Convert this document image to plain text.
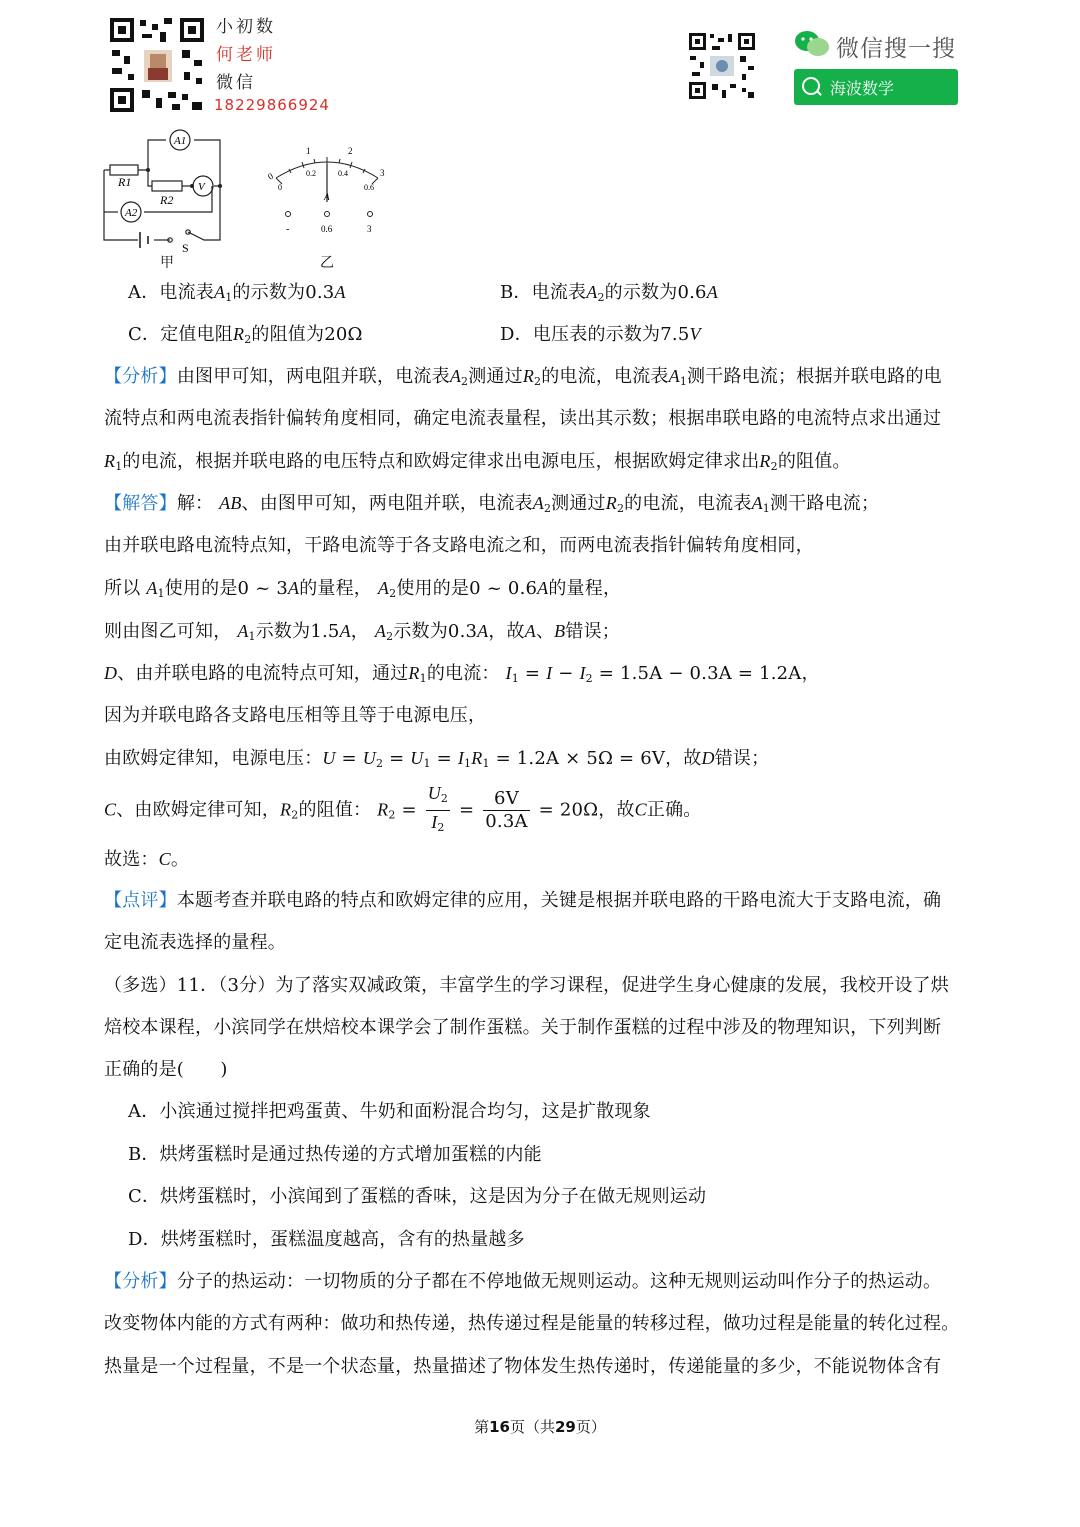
小初数
何老师
微信
18229866924
微信搜一搜
海波数学
A1
V
A2
R1
R2
S
甲
0
1	2
3
0
0.2	0.4
0.6
A
-	0.6	3
乙
A．电流表$A_1$的示数为0.3A	B．电流表$A_2$的示数为0.6A
C．定值电阻$R_2$的阻值为20Ω	D．电压表的示数为7.5V
【分析】由图甲可知，两电阻并联，电流表$A_2$测通过$R_2$的电流，电流表$A_1$测干路电流；根据并联电路的电
流特点和两电流表指针偏转角度相同，确定电流表量程，读出其示数；根据串联电路的电流特点求出通过
$R_1$的电流，根据并联电路的电压特点和欧姆定律求出电源电压，根据欧姆定律求出$R_2$的阻值。
【解答】解： AB、由图甲可知，两电阻并联，电流表$A_2$测通过$R_2$的电流，电流表$A_1$测干路电流；
由并联电路电流特点知，干路电流等于各支路电流之和，而两电流表指针偏转角度相同，
所以 $A_1$使用的是0 ~ 3A的量程， $A_2$使用的是0 ~ 0.6A的量程，
则由图乙可知， $A_1$示数为1.5A， $A_2$示数为0.3A，故A、B错误；
D、由并联电路的电流特点可知，通过$R_1$的电流： $I_1 = I - I_2 = 1.5A - 0.3A = 1.2A$，
因为并联电路各支路电压相等且等于电源电压，
由欧姆定律知，电源电压：$U = U_2 = U_1 = I_1R_1 = 1.2A \times 5\Omega = 6V$，故D错误；
C、由欧姆定律可知，$R_2$的阻值： $R_2 = \frac{U_2}{I_2} = \frac{6V}{0.3A} = 20\Omega$，故C正确。
故选：C。
【点评】本题考查并联电路的特点和欧姆定律的应用，关键是根据并联电路的干路电流大于支路电流，确
定电流表选择的量程。
（多选）11．（3分）为了落实双减政策，丰富学生的学习课程，促进学生身心健康的发展，我校开设了烘
焙校本课程，小滨同学在烘焙校本课学会了制作蛋糕。关于制作蛋糕的过程中涉及的物理知识，下列判断
正确的是(　　)
A．小滨通过搅拌把鸡蛋黄、牛奶和面粉混合均匀，这是扩散现象
B．烘烤蛋糕时是通过热传递的方式增加蛋糕的内能
C．烘烤蛋糕时，小滨闻到了蛋糕的香味，这是因为分子在做无规则运动
D．烘烤蛋糕时，蛋糕温度越高，含有的热量越多
【分析】分子的热运动：一切物质的分子都在不停地做无规则运动。这种无规则运动叫作分子的热运动。
改变物体内能的方式有两种：做功和热传递，热传递过程是能量的转移过程，做功过程是能量的转化过程。
热量是一个过程量，不是一个状态量，热量描述了物体发生热传递时，传递能量的多少，不能说物体含有
第16页（共29页）
